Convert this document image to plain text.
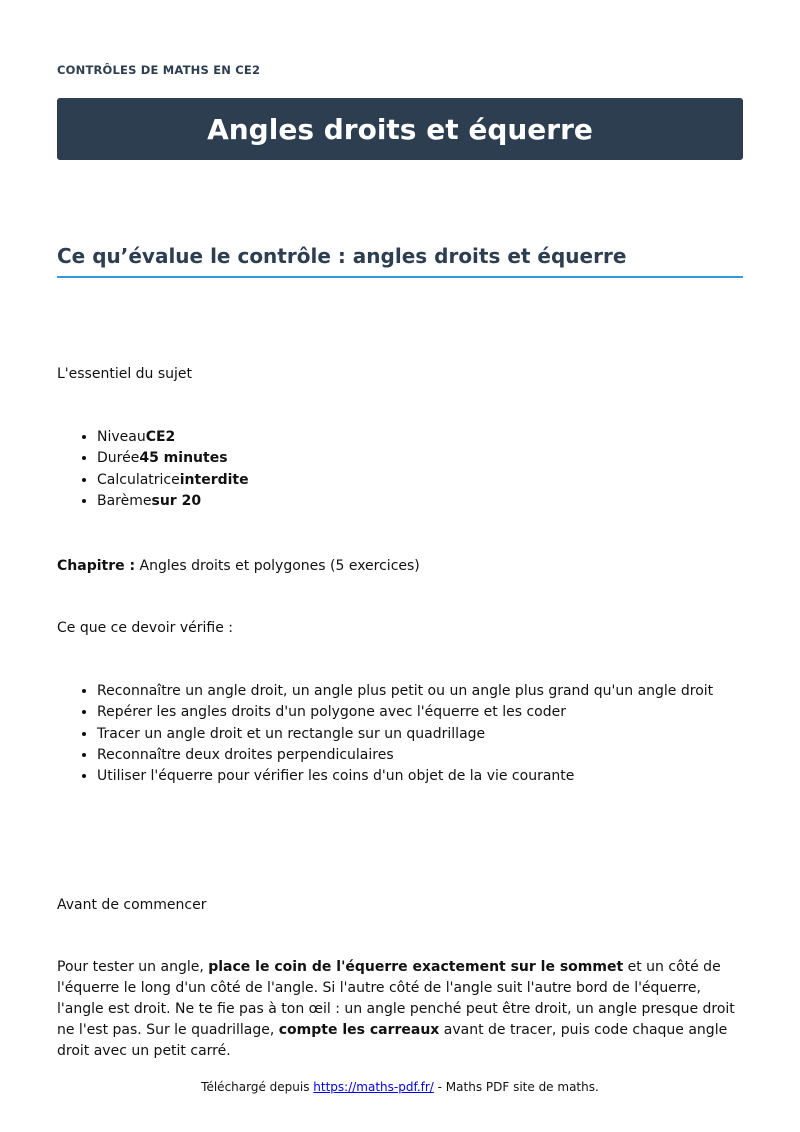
CONTRÔLES DE MATHS EN CE2
Angles droits et équerre
Ce qu’évalue le contrôle : angles droits et équerre

L'essentiel du sujet

• NiveauCE2
• Durée45 minutes
• Calculatriceinterdite
• Barèmesur 20

Chapitre : Angles droits et polygones (5 exercices)

Ce que ce devoir vérifie :

• Reconnaître un angle droit, un angle plus petit ou un angle plus grand qu'un angle droit
• Repérer les angles droits d'un polygone avec l'équerre et les coder
• Tracer un angle droit et un rectangle sur un quadrillage
• Reconnaître deux droites perpendiculaires
• Utiliser l'équerre pour vérifier les coins d'un objet de la vie courante

Avant de commencer

Pour tester un angle, place le coin de l'équerre exactement sur le sommet et un côté de l'équerre le long d'un côté de l'angle. Si l'autre côté de l'angle suit l'autre bord de l'équerre, l'angle est droit. Ne te fie pas à ton œil : un angle penché peut être droit, un angle presque droit ne l'est pas. Sur le quadrillage, compte les carreaux avant de tracer, puis code chaque angle droit avec un petit carré.

Téléchargé depuis https://maths-pdf.fr/ - Maths PDF site de maths.
